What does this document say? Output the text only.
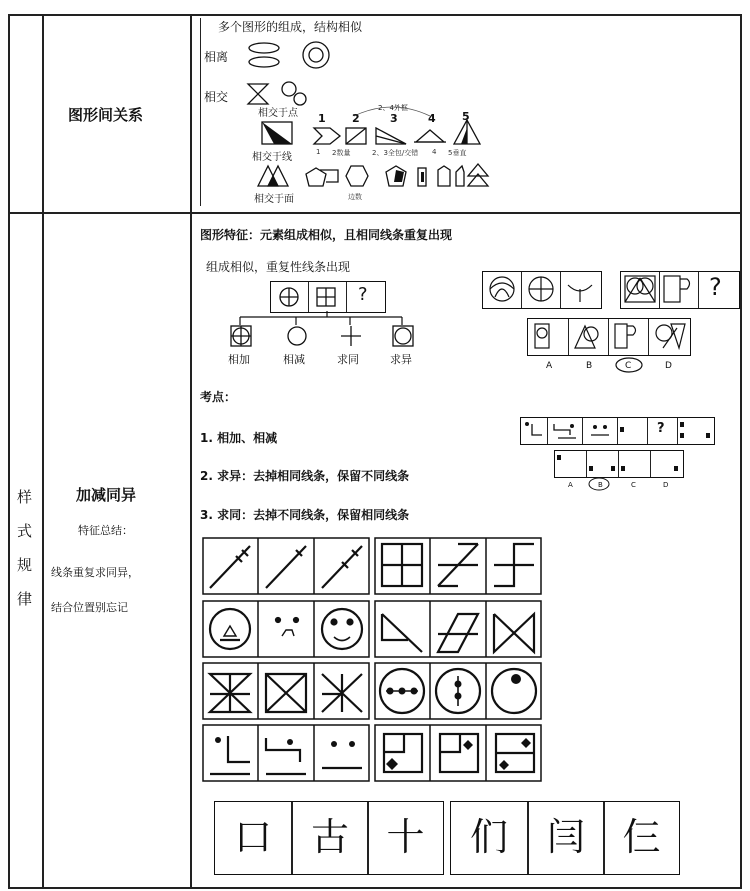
图形间关系
多个图形的组成，结构相似
相离
相交
相交于点	2、4外框
1 2	3	4 5
相交于线	1 2数量	2、3全包/交错 4 5垂直
相交于面	边数
样
式
规
律
加减同异
特征总结：
线条重复求同异，
结合位置别忘记
图形特征：元素组成相似，且相同线条重复出现
组成相似，重复性线条出现
?
相加	相减	求同	求异
?
A	B	C	D
考点：
1. 相加、相减
2. 求异：去掉相同线条，保留不同线条
3. 求同：去掉不同线条，保留相同线条
?
A	B	C	D
口	古 十	们	闫 仨
